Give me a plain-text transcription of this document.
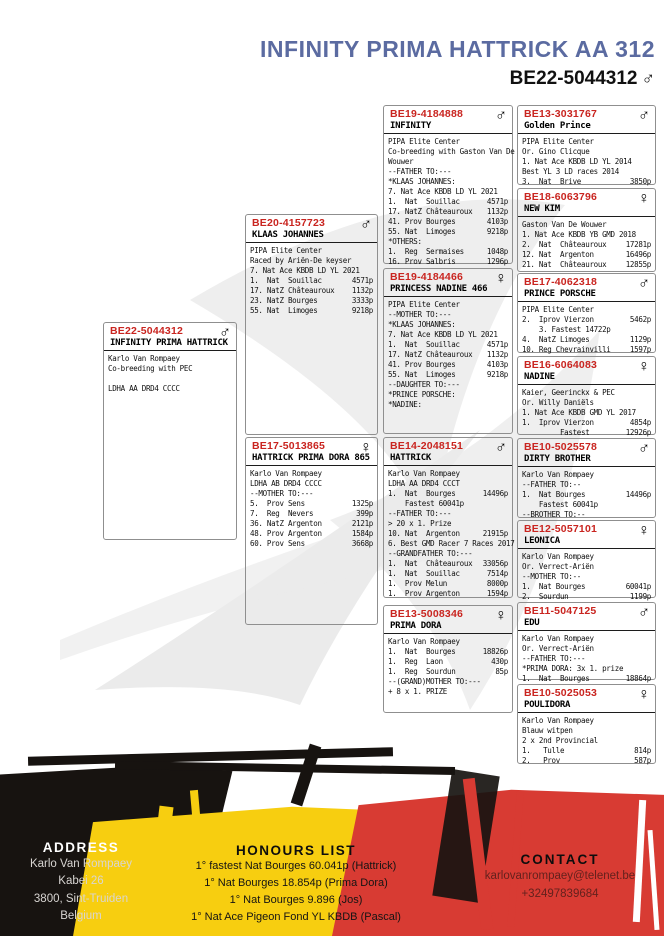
INFINITY PRIMA HATTRICK AA 312
BE22-5044312 ♂
BE22-5044312
INFINITY PRIMA HATTRICK
♂
Karlo Van Rompaey
Co-breeding with PEC

LDHA AA DRD4 CCCC
BE20-4157723
KLAAS JOHANNES
♂
PIPA Elite Center
Raced by Ariën-De keyser
7. Nat Ace KBDB LD YL 2021
1.  Nat  Souillac	4571p
17. NatZ Châteauroux 1132p
23. NatZ Bourges	3333p
55. Nat  Limoges	9218p
BE17-5013865
HATTRICK PRIMA DORA 865
♀
Karlo Van Rompaey
LDHA AB DRD4 CCCC
--MOTHER TO:---
5.  Prov Sens	1325p
7.  Reg  Nevers	399p
36. NatZ Argenton	2121p
48. Prov Argenton	1584p
60. Prov Sens	3668p
BE19-4184888
INFINITY
♂
PIPA Elite Center
Co-breeding with Gaston Van De
Wouwer
--FATHER TO:---
*KLAAS JOHANNES:
7. Nat Ace KBDB LD YL 2021
1.  Nat  Souillac	4571p
17. NatZ Châteauroux 1132p
41. Prov Bourges	4103p
55. Nat  Limoges	9218p
*OTHERS:
1.  Reg  Sermaises	1048p
16. Prov Salbris	1296p
BE19-4184466
PRINCESS NADINE 466
♀
PIPA Elite Center
--MOTHER TO:---
*KLAAS JOHANNES:
7. Nat Ace KBDB LD YL 2021
1.  Nat  Souillac	4571p
17. NatZ Châteauroux 1132p
41. Prov Bourges	4103p
55. Nat  Limoges	9218p
--DAUGHTER TO:---
*PRINCE PORSCHE:
*NADINE:
BE14-2048151
HATTRICK
♂
Karlo Van Rompaey
LDHA AA DRD4 CCCT
1.  Nat  Bourges	14496p
Fastest 60041p
--FATHER TO:---
> 20 x 1. Prize
10. Nat  Argenton	21915p
6. Best GMD Racer 7 Races 2017
--GRANDFATHER TO:---
1.  Nat  Châteauroux 33056p
1.  Nat  Souillac	7514p
1.  Prov Melun	8000p
1.  Prov Argenton	1594p
BE13-5008346
PRIMA DORA
♀
Karlo Van Rompaey
1.  Nat  Bourges	18826p
1.  Reg  Laon	430p
1.  Reg  Sourdun	85p
--(GRAND)MOTHER TO:---
+ 8 x 1. PRIZE
BE13-3031767
Golden Prince
♂
PIPA Elite Center
Or. Gino Clicque
1. Nat Ace KBDB LD YL 2014
Best YL 3 LD races 2014
3.  Nat  Brive	3850p
BE18-6063796
NEW KIM
♀
Gaston Van De Wouwer
1. Nat Ace KBDB YB GMD 2018
2.  Nat  Châteauroux	17281p
12. Nat  Argenton	16496p
21. Nat  Châteauroux	12855p
BE17-4062318
PRINCE PORSCHE
♂
PIPA Elite Center
2.  Iprov Vierzon	5462p
3. Fastest 14722p
4.  NatZ Limoges	1129p
10. Reg Chevrainvilli	1597p
BE16-6064083
NADINE
♀
Kaier, Geerinckx & PEC
Or. Willy Daniëls
1. Nat Ace KBDB GMD YL 2017
1.  Iprov Vierzon	4854p
Fastest	12926p
BE10-5025578
DIRTY BROTHER
♂
Karlo Van Rompaey
--FATHER TO:--
1.  Nat Bourges	14496p
Fastest 60041p
--BROTHER TO:--
BE12-5057101
LEONICA
♀
Karlo Van Rompaey
Or. Verrect-Ariën
--MOTHER TO:--
1.  Nat Bourges	60041p
2.  Sourdun	1199p
BE11-5047125
EDU
♂
Karlo Van Rompaey
Or. Verrect-Ariën
--FATHER TO:---
*PRIMA DORA: 3x 1. prize
1.  Nat  Bourges	18864p
BE10-5025053
POULIDORA
♀
Karlo Van Rompaey
Blauw witpen
2 x 2nd Provincial
1.   Tulle	814p
2.   Prov	587p
ADDRESS
Karlo Van Rompaey
Kabei 26
3800, Sint-Truiden
Belgium
HONOURS LIST
1° fastest Nat Bourges 60.041p (Hattrick)
1° Nat Bourges 18.854p (Prima Dora)
1° Nat Bourges 9.896 (Jos)
1° Nat Ace Pigeon Fond YL KBDB (Pascal)
CONTACT
karlovanrompaey@telenet.be
+32497839684
